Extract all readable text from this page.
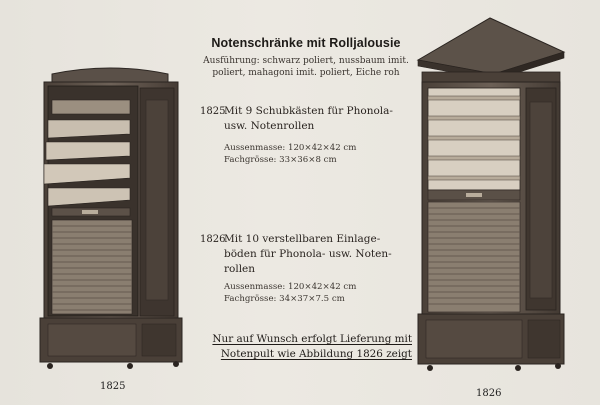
1825
1826
Notenschränke mit Rolljalousie
Ausführung: schwarz poliert, nussbaum imit.
poliert, mahagoni imit. poliert, Eiche roh
1825Mit 9 Schubkästen für Phonola-
usw. Notenrollen
Aussenmasse: 120×42×42 cm
Fachgrösse: 33×36×8 cm
1826Mit 10 verstellbaren Einlage-
böden für Phonola- usw. Noten-
rollen
Aussenmasse: 120×42×42 cm
Fachgrösse: 34×37×7.5 cm
Nur auf Wunsch erfolgt Lieferung mit
Notenpult wie Abbildung 1826 zeigt
